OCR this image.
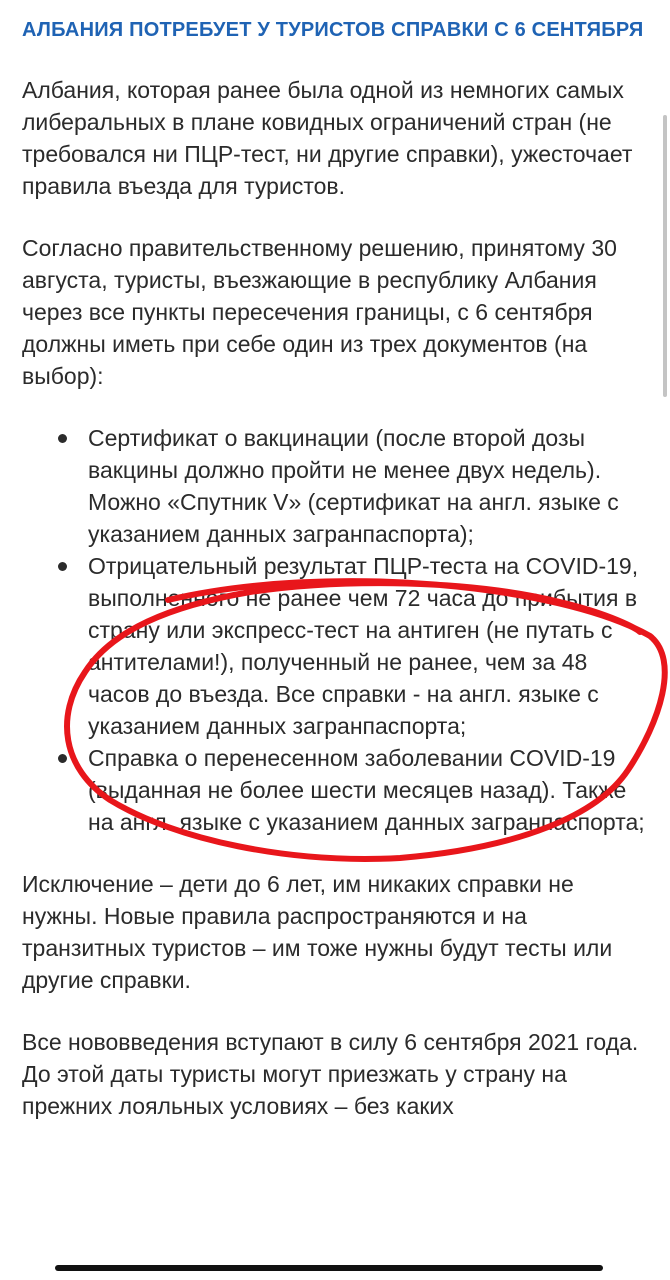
АЛБАНИЯ ПОТРЕБУЕТ У ТУРИСТОВ СПРАВКИ С 6 СЕНТЯБРЯ

Албания, которая ранее была одной из немногих самых либеральных в плане ковидных ограничений стран (не требовался ни ПЦР-тест, ни другие справки), ужесточает правила въезда для туристов.

Согласно правительственному решению, принятому 30 августа, туристы, въезжающие в республику Албания через все пункты пересечения границы, с 6 сентября должны иметь при себе один из трех документов (на выбор):

Сертификат о вакцинации (после второй дозы вакцины должно пройти не менее двух недель). Можно «Спутник V» (сертификат на англ. языке с указанием данных загранпаспорта);
Отрицательный результат ПЦР-теста на COVID-19, выполненного не ранее чем 72 часа до прибытия в страну или экспресс-тест на антиген (не путать с антителами!), полученный не ранее, чем за 48 часов до въезда. Все справки - на англ. языке с указанием данных загранпаспорта;
Справка о перенесенном заболевании COVID-19 (выданная не более шести месяцев назад). Также на англ. языке с указанием данных загранпаспорта;

Исключение – дети до 6 лет, им никаких справки не нужны. Новые правила распространяются и на транзитных туристов – им тоже нужны будут тесты или другие справки.

Все нововведения вступают в силу 6 сентября 2021 года. До этой даты туристы могут приезжать у страну на прежних лояльных условиях – без каких
